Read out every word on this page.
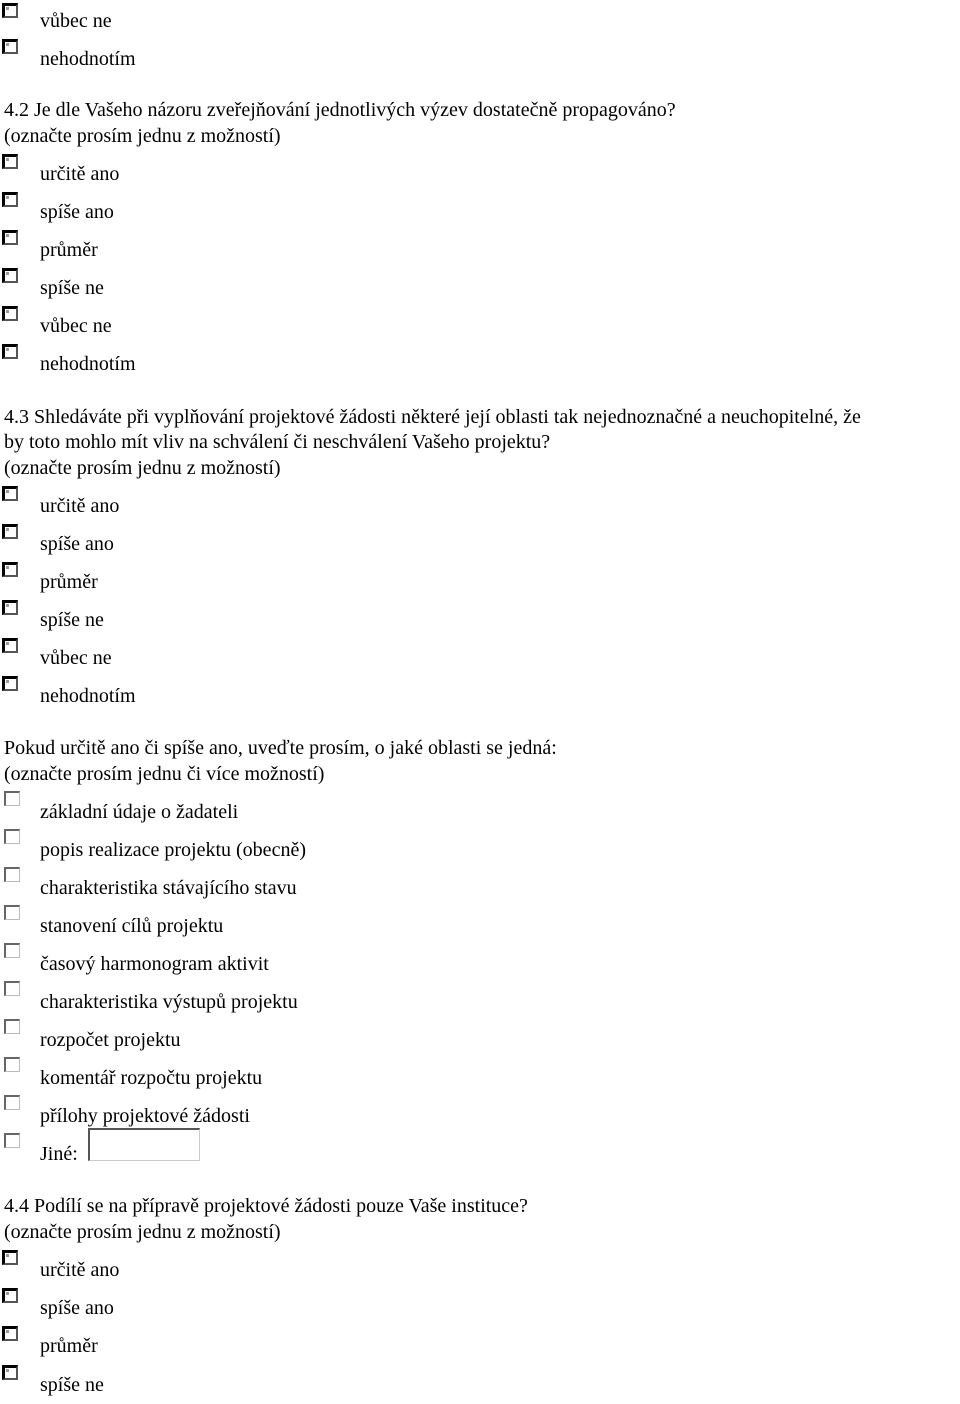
vůbec ne
nehodnotím
4.2 Je dle Vašeho názoru zveřejňování jednotlivých výzev dostatečně propagováno?
(označte prosím jednu z možností)
určitě ano
spíše ano
průměr
spíše ne
vůbec ne
nehodnotím
4.3 Shledáváte při vyplňování projektové žádosti některé její oblasti tak nejednoznačné a neuchopitelné, že
by toto mohlo mít vliv na schválení či neschválení Vašeho projektu?
(označte prosím jednu z možností)
určitě ano
spíše ano
průměr
spíše ne
vůbec ne
nehodnotím
Pokud určitě ano či spíše ano, uveďte prosím, o jaké oblasti se jedná:
(označte prosím jednu či více možností)
základní údaje o žadateli
popis realizace projektu (obecně)
charakteristika stávajícího stavu
stanovení cílů projektu
časový harmonogram aktivit
charakteristika výstupů projektu
rozpočet projektu
komentář rozpočtu projektu
přílohy projektové žádosti
Jiné:
4.4 Podílí se na přípravě projektové žádosti pouze Vaše instituce?
(označte prosím jednu z možností)
určitě ano
spíše ano
průměr
spíše ne
